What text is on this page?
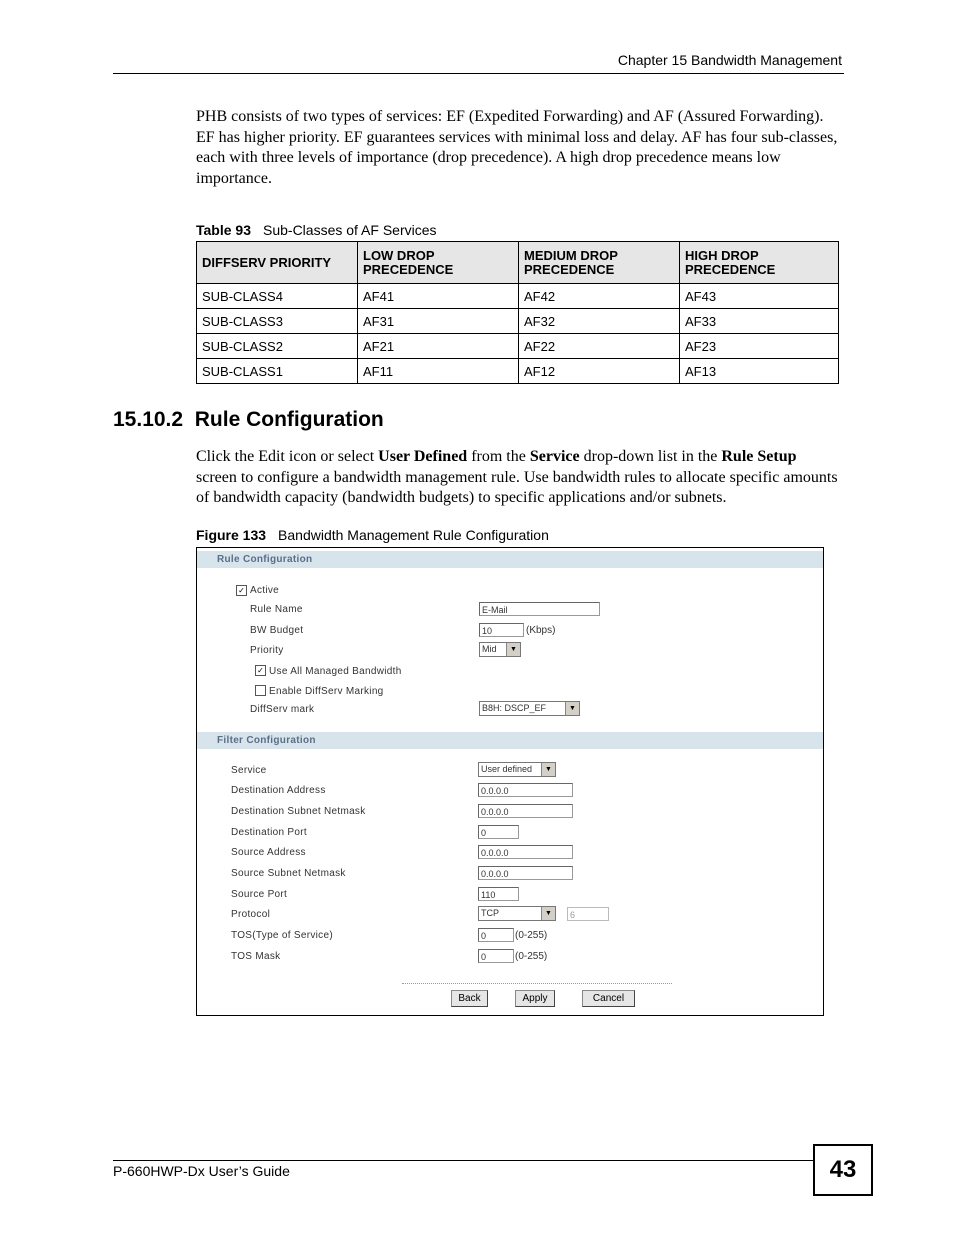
Chapter 15 Bandwidth Management
PHB consists of two types of services: EF (Expedited Forwarding) and AF (Assured Forwarding). EF has higher priority. EF guarantees services with minimal loss and delay. AF has four sub-classes, each with three levels of importance (drop precedence). A high drop precedence means low importance.
Table 93 Sub-Classes of AF Services
DIFFSERV PRIORITY	LOW DROP PRECEDENCE	MEDIUM DROP PRECEDENCE	HIGH DROP PRECEDENCE
SUB-CLASS4	AF41	AF42	AF43
SUB-CLASS3	AF31	AF32	AF33
SUB-CLASS2	AF21	AF22	AF23
SUB-CLASS1	AF11	AF12	AF13
15.10.2 Rule Configuration
Click the Edit icon or select User Defined from the Service drop-down list in the Rule Setup screen to configure a bandwidth management rule. Use bandwidth rules to allocate specific amounts of bandwidth capacity (bandwidth budgets) to specific applications and/or subnets.
Figure 133 Bandwidth Management Rule Configuration
Rule Configuration
✓ Active
Rule Name	E-Mail
BW Budget	10	(Kbps)
Priority	Mid	▼
✓ Use All Managed Bandwidth
Enable DiffServ Marking
DiffServ mark	B8H: DSCP_EF	▼
Filter Configuration
Service	User defined	▼
Destination Address	0.0.0.0
Destination Subnet Netmask	0.0.0.0
Destination Port	0
Source Address	0.0.0.0
Source Subnet Netmask	0.0.0.0
Source Port	110
Protocol	TCP	▼	6
TOS(Type of Service)	0	(0-255)
TOS Mask	0	(0-255)
Back	Apply	Cancel
P-660HWP-Dx User’s Guide	43
